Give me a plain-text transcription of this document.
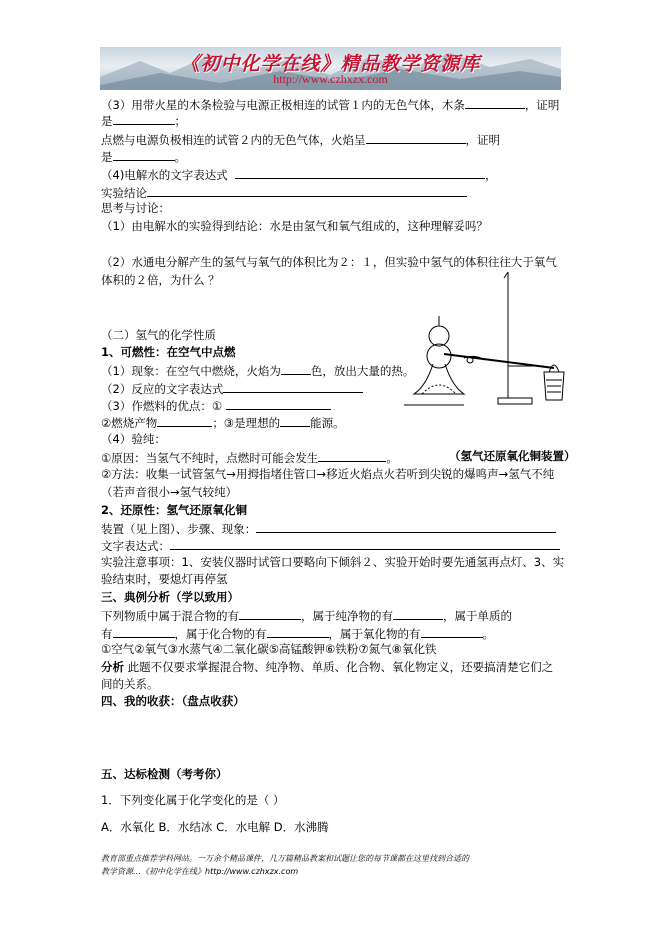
《初中化学在线》精品教学资源库
http://www.czhxzx.com
（3）用带火星的木条检验与电源正极相连的试管１内的无色气体，木条	，证明
是	；
点燃与电源负极相连的试管２内的无色气体，火焰呈	，证明
是	。
（4)电解水的文字表达式	，
实验结论
思考与讨论：
（1）由电解水的实验得到结论：水是由氢气和氧气组成的，这种理解妥吗？
（2）水通电分解产生的氢气与氧气的体积比为２：１，但实验中氢气的体积往往大于氧气
体积的２倍，为什么 ？
（二）氢气的化学性质
1、可燃性：在空气中点燃
（1）现象：在空气中燃烧，火焰为	色，放出大量的热。
（2）反应的文字表达式
（3）作燃料的优点：①
②燃烧产物	；③是理想的	能源。
（4）验纯：
①原因：当氢气不纯时，点燃时可能会发生	。	（氢气还原氧化铜装置）
②方法：收集一试管氢气→用拇指堵住管口→移近火焰点火若听到尖锐的爆鸣声→氢气不纯
（若声音很小→氢气较纯）
2、还原性：氢气还原氧化铜
装置（见上图）、步骤、现象：
文字表达式：
实验注意事项：1、安装仪器时试管口要略向下倾斜２、实验开始时要先通氢再点灯、3、实
验结束时，要熄灯再停氢
三、典例分析（学以致用）
下列物质中属于混合物的有	，属于纯净物的有	，属于单质的
有	，属于化合物的有	，属于氧化物的有	。
①空气②氧气③水蒸气④二氧化碳⑤高锰酸钾⑥铁粉⑦氮气⑧氧化铁
分析 此题不仅要求掌握混合物、纯净物、单质、化合物、氧化物定义，还要搞清楚它们之
间的关系。
四、我的收获：（盘点收获）
五、达标检测（考考你）
1．下列变化属于化学变化的是（ ）
A．水氧化 B．水结冰 C．水电解 D．水沸腾
教育部重点推荐学科网站。一万余个精品课件，几万篇精品教案和试题让您的每节课都在这里找到合适的
教学资源…《初中化学在线》http://www.czhxzx.com
